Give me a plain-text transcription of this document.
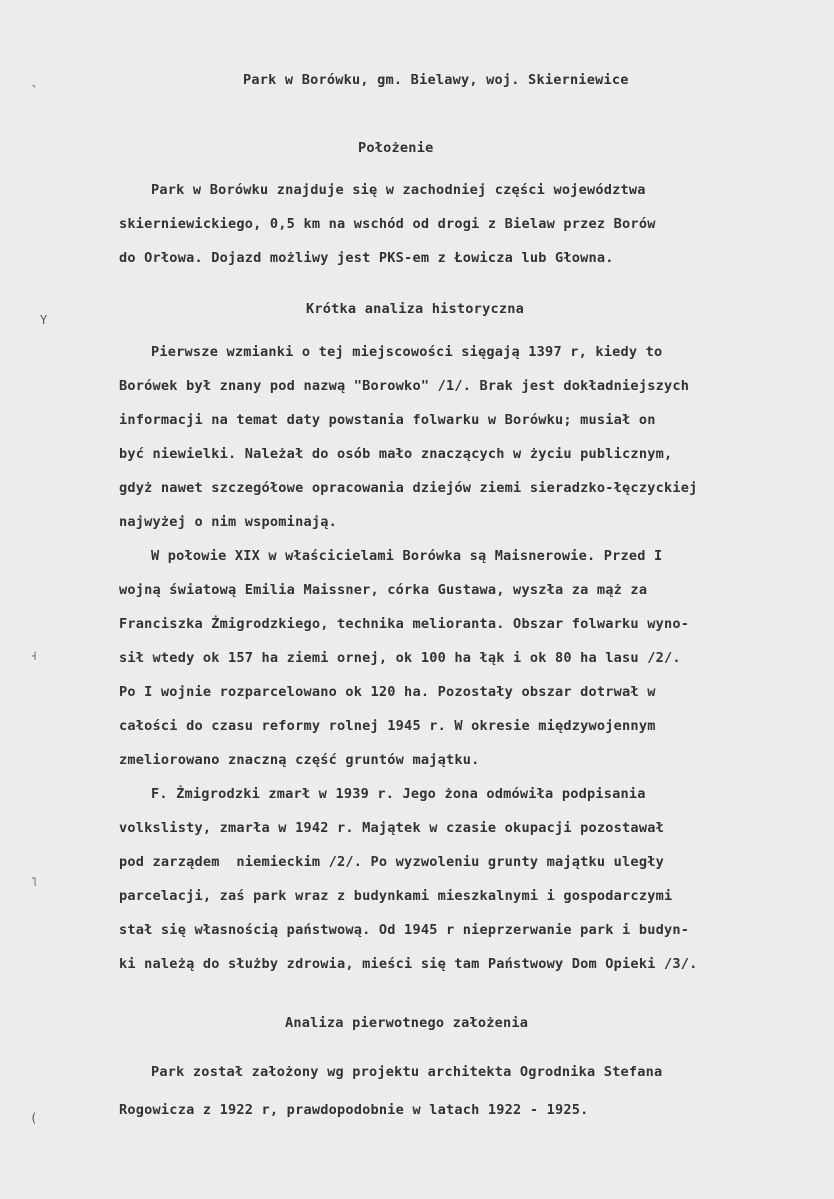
˺
Y
˧
˥
(
Park w Borówku, gm. Bielawy, woj. Skierniewice
Położenie
Park w Borówku znajduje się w zachodniej części województwa
skierniewickiego, 0,5 km na wschód od drogi z Bielaw przez Borów
do Orłowa. Dojazd możliwy jest PKS-em z Łowicza lub Głowna.
Krótka analiza historyczna
Pierwsze wzmianki o tej miejscowości sięgają 1397 r, kiedy to
Borówek był znany pod nazwą "Borowko" /1/. Brak jest dokładniejszych
informacji na temat daty powstania folwarku w Borówku; musiał on
być niewielki. Należał do osób mało znaczących w życiu publicznym,
gdyż nawet szczegółowe opracowania dziejów ziemi sieradzko-łęczyckiej
najwyżej o nim wspominają.
W połowie XIX w właścicielami Borówka są Maisnerowie. Przed I
wojną światową Emilia Maissner, córka Gustawa, wyszła za mąż za
Franciszka Żmigrodzkiego, technika melioranta. Obszar folwarku wyno-
sił wtedy ok 157 ha ziemi ornej, ok 100 ha łąk i ok 80 ha lasu /2/.
Po I wojnie rozparcelowano ok 120 ha. Pozostały obszar dotrwał w
całości do czasu reformy rolnej 1945 r. W okresie międzywojennym
zmeliorowano znaczną część gruntów majątku.
F. Żmigrodzki zmarł w 1939 r. Jego żona odmówiła podpisania
volkslisty, zmarła w 1942 r. Majątek w czasie okupacji pozostawał
pod zarządem  niemieckim /2/. Po wyzwoleniu grunty majątku uległy
parcelacji, zaś park wraz z budynkami mieszkalnymi i gospodarczymi
stał się własnością państwową. Od 1945 r nieprzerwanie park i budyn-
ki należą do służby zdrowia, mieści się tam Państwowy Dom Opieki /3/.
Analiza pierwotnego założenia
Park został założony wg projektu architekta Ogrodnika Stefana
Rogowicza z 1922 r, prawdopodobnie w latach 1922 - 1925.
